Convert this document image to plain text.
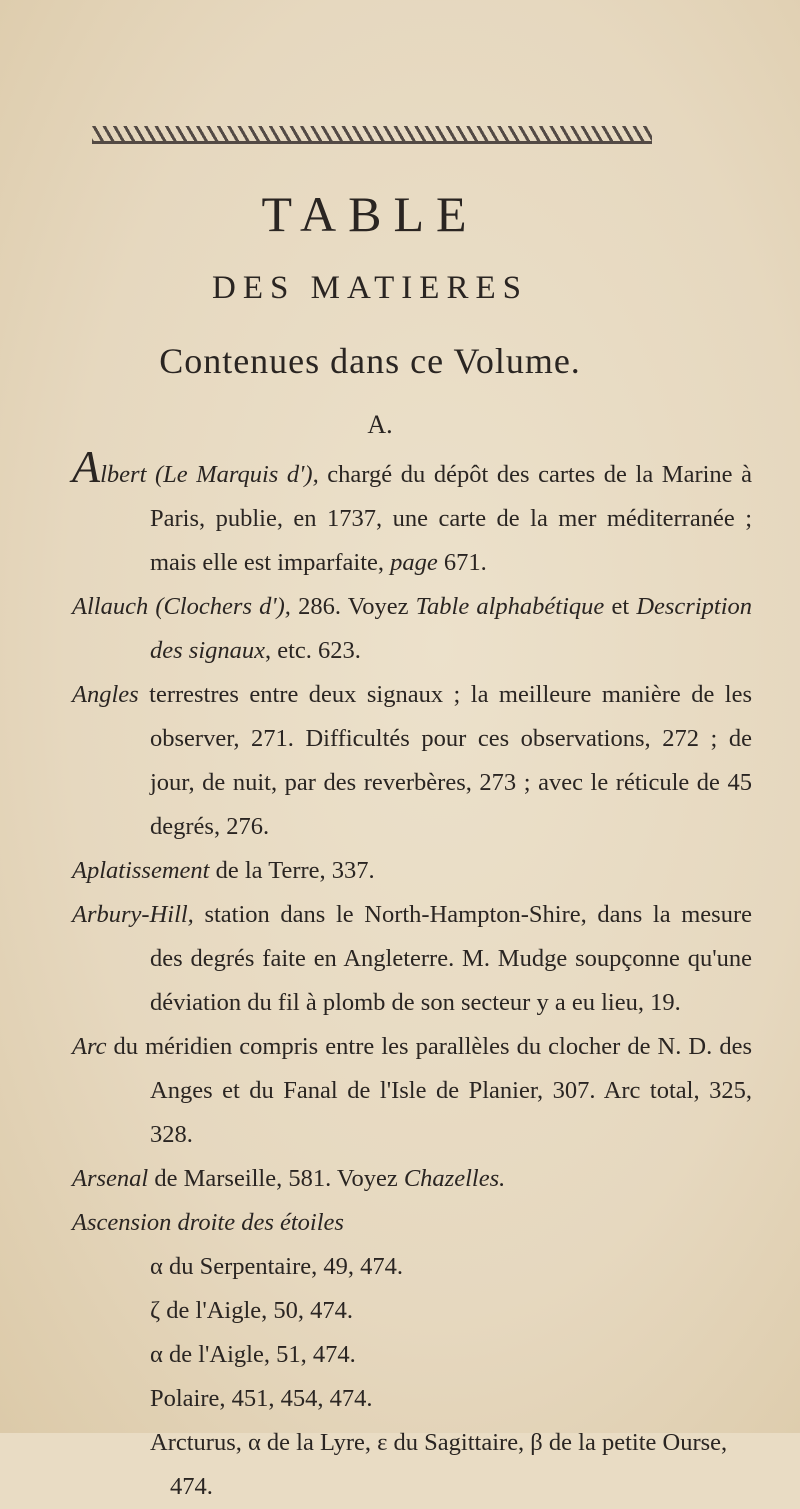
TABLE
DES MATIERES
Contenues dans ce Volume.
A.

Albert (Le Marquis d'), chargé du dépôt des cartes de la Marine à Paris, publie, en 1737, une carte de la mer méditerranée ; mais elle est imparfaite, page 671.

Allauch (Clochers d'), 286. Voyez Table alphabétique et Description des signaux, etc. 623.

Angles terrestres entre deux signaux ; la meilleure manière de les observer, 271. Difficultés pour ces observations, 272 ; de jour, de nuit, par des reverbères, 273 ; avec le réticule de 45 degrés, 276.

Aplatissement de la Terre, 337.

Arbury-Hill, station dans le North-Hampton-Shire, dans la mesure des degrés faite en Angleterre. M. Mudge soupçonne qu'une déviation du fil à plomb de son secteur y a eu lieu, 19.

Arc du méridien compris entre les parallèles du clocher de N. D. des Anges et du Fanal de l'Isle de Planier, 307. Arc total, 325, 328.

Arsenal de Marseille, 581. Voyez Chazelles.

Ascension droite des étoiles

α du Serpentaire, 49, 474.

ζ de l'Aigle, 50, 474.

α de l'Aigle, 51, 474.

Polaire, 451, 454, 474.

Arcturus, α de la Lyre, ε du Sagittaire, β de la petite Ourse, 474.
